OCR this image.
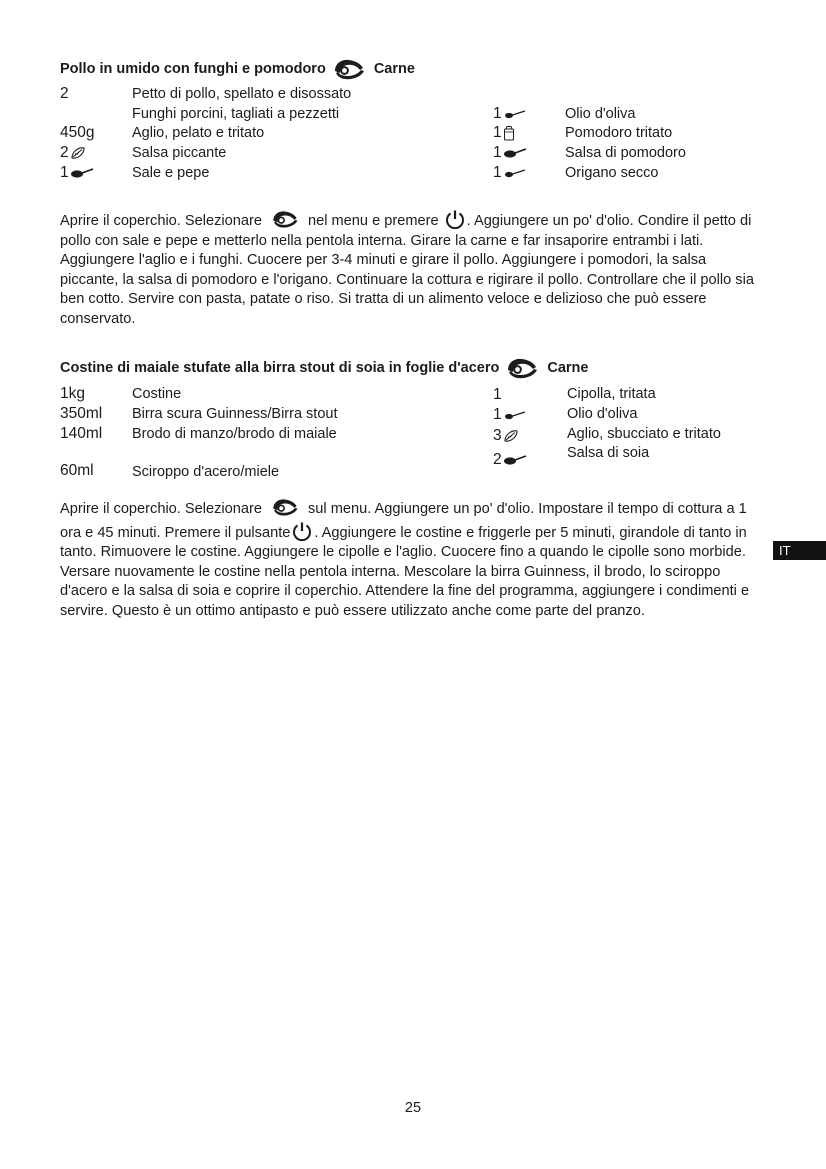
Pollo in umido con funghi e pomodoro	Carne
2	Petto di pollo, spellato e disossato
Funghi porcini, tagliati a pezzetti
450g	Aglio, pelato e tritato
2	Salsa piccante
1	Sale e pepe
1	Olio d'oliva
1	Pomodoro tritato
1	Salsa di pomodoro
1	Origano secco
Aprire il coperchio. Selezionare	nel menu e premere . Aggiungere un po' d'olio. Condire il petto di pollo con sale e pepe e metterlo nella pentola interna. Girare la carne e far insaporire entrambi i lati. Aggiungere l'aglio e i funghi. Cuocere per 3-4 minuti e girare il pollo. Aggiungere i pomodori, la salsa piccante, la salsa di pomodoro e l'origano. Continuare la cottura e rigirare il pollo. Controllare che il pollo sia ben cotto. Servire con pasta, patate o riso. Si tratta di un alimento veloce e delizioso che può essere conservato.
Costine di maiale stufate alla birra stout di soia in foglie d'acero	Carne
1kg	Costine
350ml Birra scura Guinness/Birra stout
140ml Brodo di manzo/brodo di maiale
60ml	Sciroppo d'acero/miele
1	Cipolla, tritata
1	Olio d'oliva
3	Aglio, sbucciato e tritato
2	Salsa di soia
Aprire il coperchio. Selezionare	sul menu. Aggiungere un po' d'olio. Impostare il tempo di cottura a 1 ora e 45 minuti. Premere il pulsante . Aggiungere le costine e friggerle per 5 minuti, girandole di tanto in tanto. Rimuovere le costine. Aggiungere le cipolle e l'aglio. Cuocere fino a quando le cipolle sono morbide. Versare nuovamente le costine nella pentola interna. Mescolare la birra Guinness, il brodo, lo sciroppo d'acero e la salsa di soia e coprire il coperchio. Attendere la fine del programma, aggiungere i condimenti e servire. Questo è un ottimo antipasto e può essere utilizzato anche come parte del pranzo.
IT
25
